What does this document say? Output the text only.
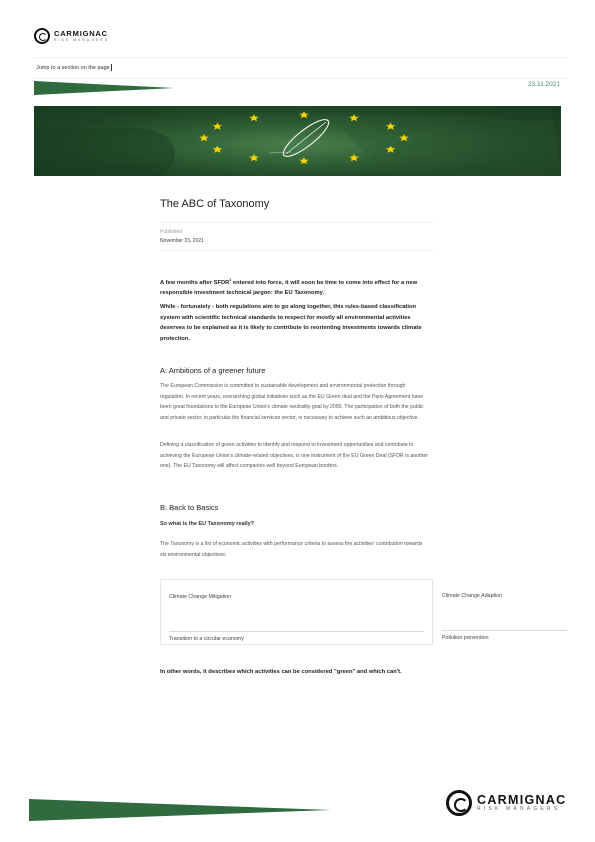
CARMIGNAC
RISK MANAGERS
Jump to a section on the page
23.11.2021
The ABC of Taxonomy
Published
November 23, 2021
A few months after SFDR$^1$ entered into force, it will soon be time to come into effect for a new responsible investment technical jargon: the EU Taxonomy.
While - fortunately - both regulations aim to go along together, this rules-based classification system with scientific technical standards to respect for mostly all environmental activities deserves to be explained as it is likely to contribute to reorienting investments towards climate protection.
A: Ambitions of a greener future

The European Commission is committed to sustainable development and environmental protection through regulation. In recent years, overarching global initiatives such as the EU Green deal and the Paris Agreement have been great foundations to the European Union's climate neutrality goal by 2050. The participation of both the public and private sector, in particular the financial services sector, is necessary to achieve such an ambitious objective.

Defining a classification of green activities to identify and respond to investment opportunities and contribute to achieving the European Union's climate-related objectives, is one instrument of the EU Green Deal (SFDR is another one). The EU Taxonomy will affect companies well beyond European borders.

B: Back to Basics
So what is the EU Taxonomy really?

The Taxonomy is a list of economic activities with performance criteria to assess the activities' contribution towards six environmental objectives:

Climate Change Mitigation
Transition to a circular economy
Climate Change Adaption
Pollution prevention
In other words, it describes which activities can be considered "green" and which can't.
CARMIGNAC
RISK MANAGERS
